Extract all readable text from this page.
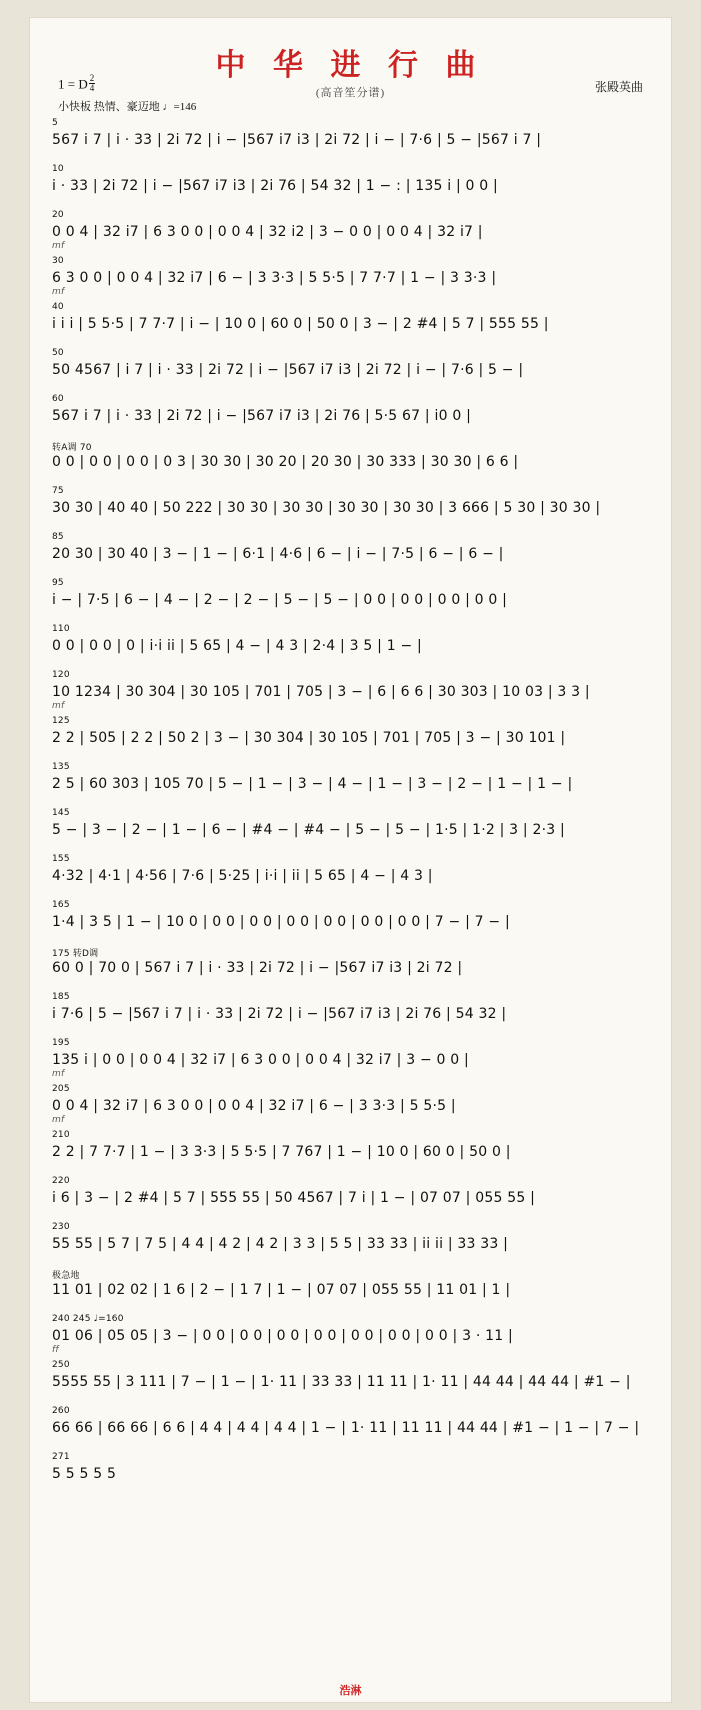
中 华 进 行 曲
(高音笙分谱)
1 = D $\frac{2}{4}$	张殿英曲
小快板 热情、豪迈地 ♩=146
5
567 i 7 | i · 33 | 2i 72 | i − |567 i7 i3 | 2i 72 | i − | 7·6 | 5 − |567 i 7 |
10
i · 33 | 2i 72 | i − |567 i7 i3 | 2i 76 | 54 32 | 1 − : | 135 i | 0 0 |
20
0 0 4 | 32 i7 | 6 3 0 0 | 0 0 4 | 32 i2 | 3 − 0 0 | 0 0 4 | 32 i7 |
mf
30
6 3 0 0 | 0 0 4 | 32 i7 | 6 − | 3 3·3 | 5 5·5 | 7 7·7 | 1 − | 3 3·3 |
mf
40
i i i | 5 5·5 | 7 7·7 | i − | 10 0 | 60 0 | 50 0 | 3 − | 2 #4 | 5 7 | 555 55 |
50
50 4567 | i 7 | i · 33 | 2i 72 | i − |567 i7 i3 | 2i 72 | i − | 7·6 | 5 − |
60
567 i 7 | i · 33 | 2i 72 | i − |567 i7 i3 | 2i 76 | 5·5 67 | i0 0 |
转A调 70
0 0 | 0 0 | 0 0 | 0 3 | 30 30 | 30 20 | 20 30 | 30 333 | 30 30 | 6 6 |
75
30 30 | 40 40 | 50 222 | 30 30 | 30 30 | 30 30 | 30 30 | 3 666 | 5 30 | 30 30 |
85
20 30 | 30 40 | 3 − | 1 − | 6·1 | 4·6 | 6 − | i − | 7·5 | 6 − | 6 − |
95
i − | 7·5 | 6 − | 4 − | 2 − | 2 − | 5 − | 5 − | 0 0 | 0 0 | 0 0 | 0 0 |
110
0 0 | 0 0 | 0 | i·i ii | 5 65 | 4 − | 4 3 | 2·4 | 3 5 | 1 − |
120
10 1234 | 30 304 | 30 105 | 701 | 705 | 3 − | 6 | 6 6 | 30 303 | 10 03 | 3 3 |
mf
125
2 2 | 505 | 2 2 | 50 2 | 3 − | 30 304 | 30 105 | 701 | 705 | 3 − | 30 101 |
135
2 5 | 60 303 | 105 70 | 5 − | 1 − | 3 − | 4 − | 1 − | 3 − | 2 − | 1 − | 1 − |
145
5 − | 3 − | 2 − | 1 − | 6 − | #4 − | #4 − | 5 − | 5 − | 1·5 | 1·2 | 3 | 2·3 |
155
4·32 | 4·1 | 4·56 | 7·6 | 5·25 | i·i | ii | 5 65 | 4 − | 4 3 |
165
1·4 | 3 5 | 1 − | 10 0 | 0 0 | 0 0 | 0 0 | 0 0 | 0 0 | 0 0 | 7 − | 7 − |
175 转D调
60 0 | 70 0 | 567 i 7 | i · 33 | 2i 72 | i − |567 i7 i3 | 2i 72 |
185
i 7·6 | 5 − |567 i 7 | i · 33 | 2i 72 | i − |567 i7 i3 | 2i 76 | 54 32 |
195
135 i | 0 0 | 0 0 4 | 32 i7 | 6 3 0 0 | 0 0 4 | 32 i7 | 3 − 0 0 |
mf
205
0 0 4 | 32 i7 | 6 3 0 0 | 0 0 4 | 32 i7 | 6 − | 3 3·3 | 5 5·5 |
mf
210
2 2 | 7 7·7 | 1 − | 3 3·3 | 5 5·5 | 7 767 | 1 − | 10 0 | 60 0 | 50 0 |
220
i 6 | 3 − | 2 #4 | 5 7 | 555 55 | 50 4567 | 7 i | 1 − | 07 07 | 055 55 |
230
55 55 | 5 7 | 7 5 | 4 4 | 4 2 | 4 2 | 3 3 | 5 5 | 33 33 | ii ii | 33 33 |
极急地
11 01 | 02 02 | 1 6 | 2 − | 1 7 | 1 − | 07 07 | 055 55 | 11 01 | 1 |
240 245 ♩=160
01 06 | 05 05 | 3 − | 0 0 | 0 0 | 0 0 | 0 0 | 0 0 | 0 0 | 0 0 | 3 · 11 |
ff
250
5555 55 | 3 111 | 7 − | 1 − | 1· 11 | 33 33 | 11 11 | 1· 11 | 44 44 | 44 44 | #1 − |
260
66 66 | 66 66 | 6 6 | 4 4 | 4 4 | 4 4 | 1 − | 1· 11 | 11 11 | 44 44 | #1 − | 1 − | 7 − |
271
5 5 5 5 5
浩淋
